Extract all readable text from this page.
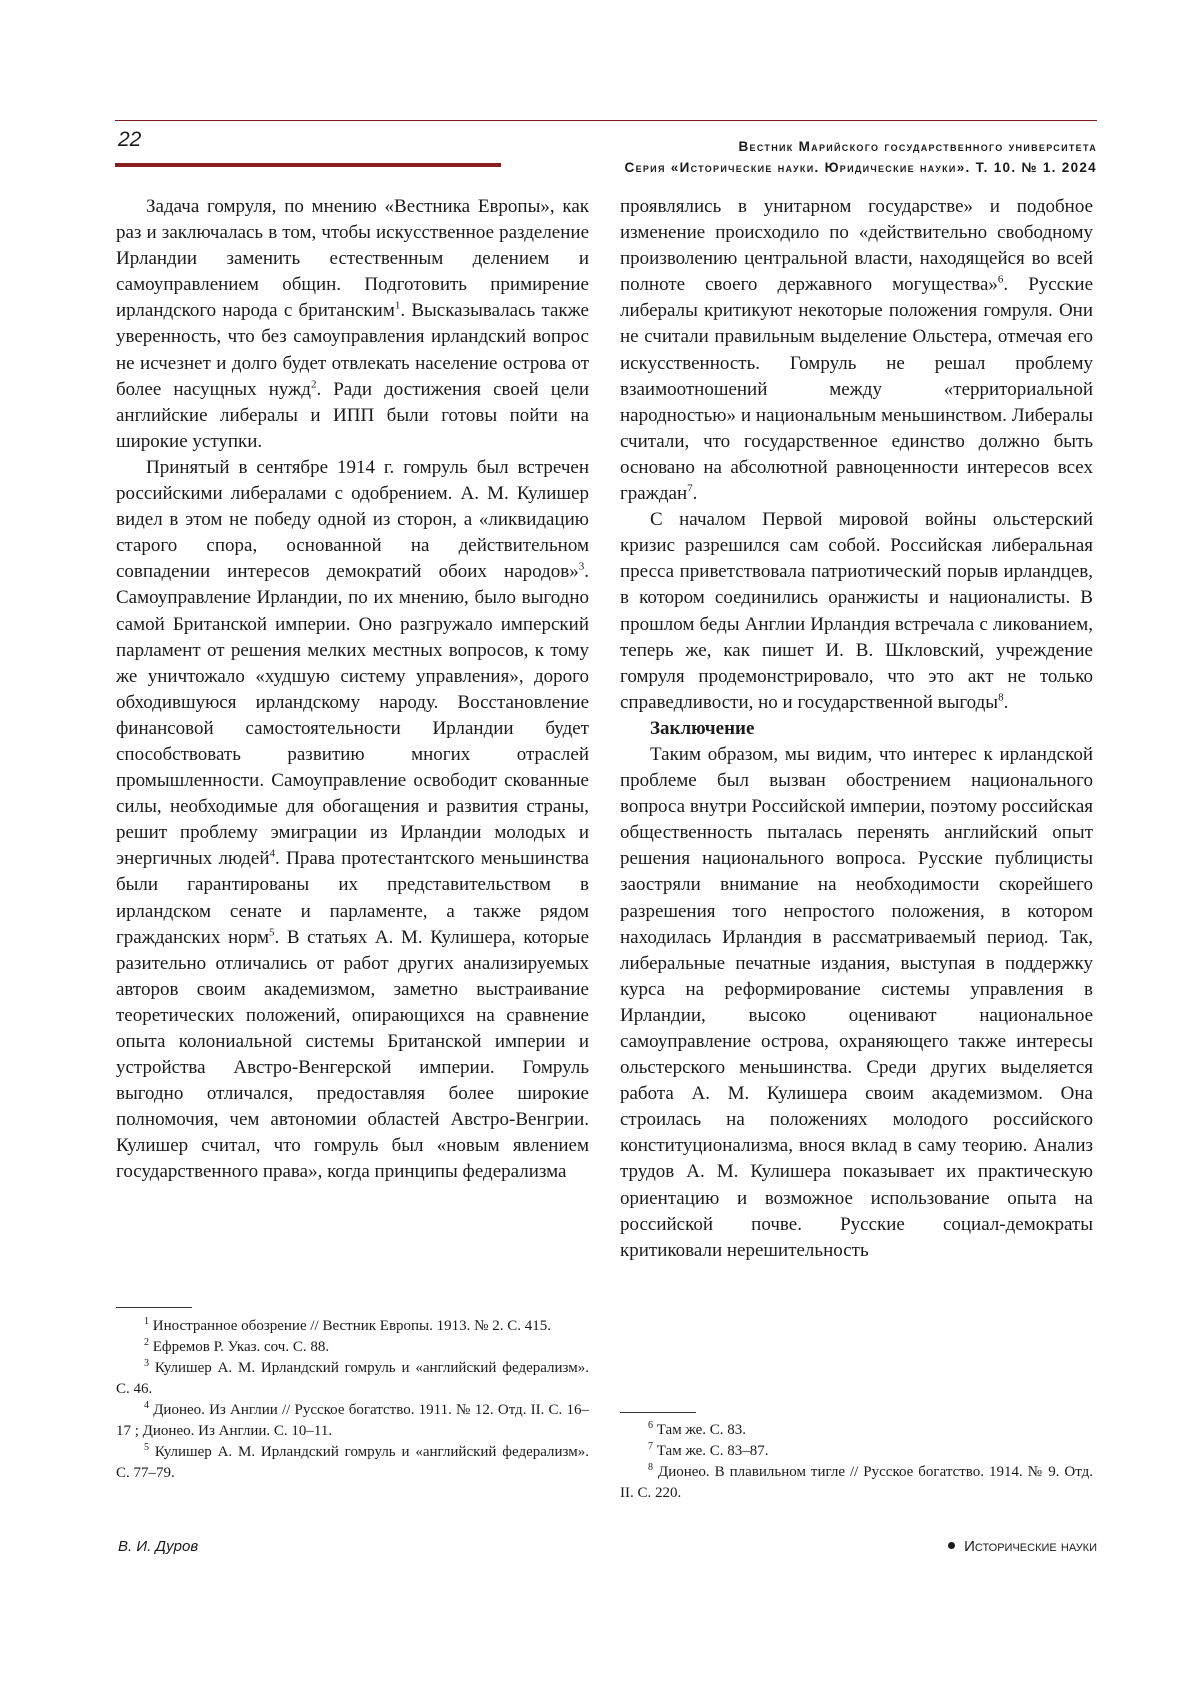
22	Вестник Марийского государственного университета
Серия «Исторические науки. Юридические науки». Т. 10. № 1. 2024

Задача гомруля, по мнению «Вестника Европы», как раз и заключалась в том, чтобы искусственное разделение Ирландии заменить естественным делением и самоуправлением общин. Подготовить примирение ирландского народа с британским$^1$. Высказывалась также уверенность, что без самоуправления ирландский вопрос не исчезнет и долго будет отвлекать население острова от более насущных нужд$^2$. Ради достижения своей цели английские либералы и ИПП были готовы пойти на широкие уступки.

Принятый в сентябре 1914 г. гомруль был встречен российскими либералами с одобрением. А. М. Кулишер видел в этом не победу одной из сторон, а «ликвидацию старого спора, основанной на действительном совпадении интересов демократий обоих народов»$^3$. Самоуправление Ирландии, по их мнению, было выгодно самой Британской империи. Оно разгружало имперский парламент от решения мелких местных вопросов, к тому же уничтожало «худшую систему управления», дорого обходившуюся ирландскому народу. Восстановление финансовой самостоятельности Ирландии будет способствовать развитию многих отраслей промышленности. Самоуправление освободит скованные силы, необходимые для обогащения и развития страны, решит проблему эмиграции из Ирландии молодых и энергичных людей$^4$. Права протестантского меньшинства были гарантированы их представительством в ирландском сенате и парламенте, а также рядом гражданских норм$^5$. В статьях А. М. Кулишера, которые разительно отличались от работ других анализируемых авторов своим академизмом, заметно выстраивание теоретических положений, опирающихся на сравнение опыта колониальной системы Британской империи и устройства Австро-Венгерской империи. Гомруль выгодно отличался, предоставляя более широкие полномочия, чем автономии областей Австро-Венгрии. Кулишер считал, что гомруль был «новым явлением государственного права», когда принципы федерализма

$^1$ Иностранное обозрение // Вестник Европы. 1913. № 2. С. 415.

$^2$ Ефремов Р. Указ. соч. С. 88.

$^3$ Кулишер А. М. Ирландский гомруль и «английский федерализм». С. 46.

$^4$ Дионео. Из Англии // Русское богатство. 1911. № 12. Отд. II. С. 16–17 ; Дионео. Из Англии. С. 10–11.

$^5$ Кулишер А. М. Ирландский гомруль и «английский федерализм». С. 77–79.

проявлялись в унитарном государстве» и подобное изменение происходило по «действительно свободному произволению центральной власти, находящейся во всей полноте своего державного могущества»$^6$. Русские либералы критикуют некоторые положения гомруля. Они не считали правильным выделение Ольстера, отмечая его искусственность. Гомруль не решал проблему взаимоотношений между «территориальной народностью» и национальным меньшинством. Либералы считали, что государственное единство должно быть основано на абсолютной равноценности интересов всех граждан$^7$.

С началом Первой мировой войны ольстерский кризис разрешился сам собой. Российская либеральная пресса приветствовала патриотический порыв ирландцев, в котором соединились оранжисты и националисты. В прошлом беды Англии Ирландия встречала с ликованием, теперь же, как пишет И. В. Шкловский, учреждение гомруля продемонстрировало, что это акт не только справедливости, но и государственной выгоды$^8$.

Заключение

Таким образом, мы видим, что интерес к ирландской проблеме был вызван обострением национального вопроса внутри Российской империи, поэтому российская общественность пыталась перенять английский опыт решения национального вопроса. Русские публицисты заостряли внимание на необходимости скорейшего разрешения того непростого положения, в котором находилась Ирландия в рассматриваемый период. Так, либеральные печатные издания, выступая в поддержку курса на реформирование системы управления в Ирландии, высоко оценивают национальное самоуправление острова, охраняющего также интересы ольстерского меньшинства. Среди других выделяется работа А. М. Кулишера своим академизмом. Она строилась на положениях молодого российского конституционализма, внося вклад в саму теорию. Анализ трудов А. М. Кулишера показывает их практическую ориентацию и возможное использование опыта на российской почве. Русские социал-демократы критиковали нерешительность

$^6$ Там же. С. 83.

$^7$ Там же. С. 83–87.

$^8$ Дионео. В плавильном тигле // Русское богатство. 1914. № 9. Отд. II. С. 220.

В. И. Дуров	Исторические науки
